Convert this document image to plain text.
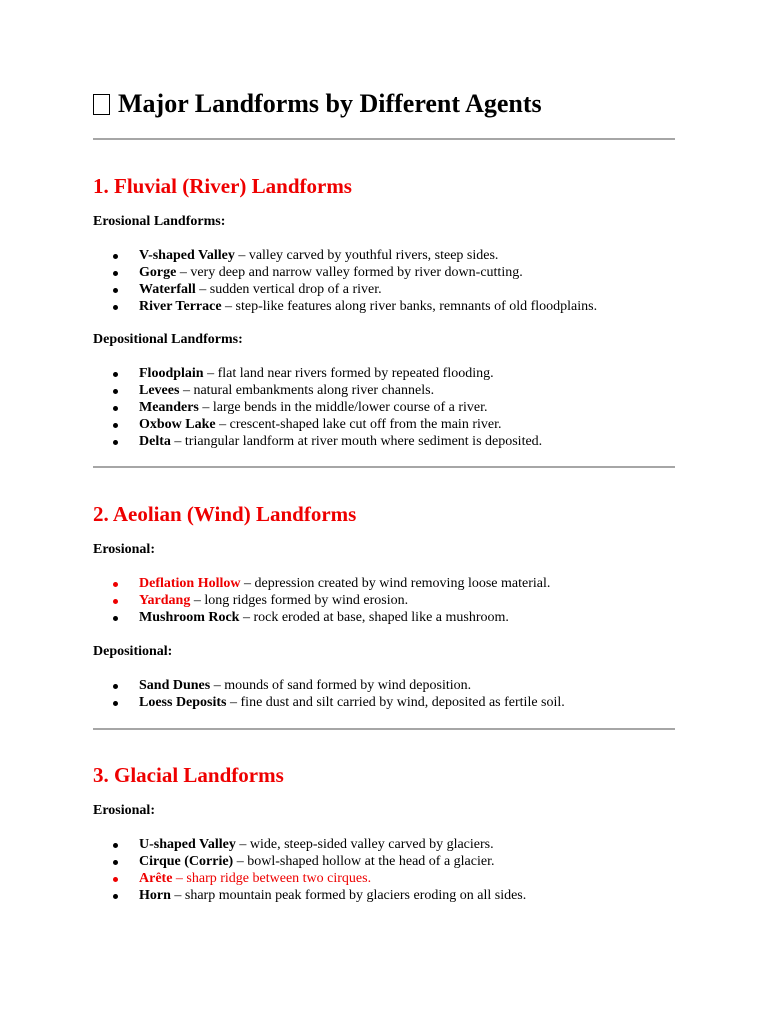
Major Landforms by Different Agents
1. Fluvial (River) Landforms
Erosional Landforms:
V-shaped Valley – valley carved by youthful rivers, steep sides.
Gorge – very deep and narrow valley formed by river down-cutting.
Waterfall – sudden vertical drop of a river.
River Terrace – step-like features along river banks, remnants of old floodplains.
Depositional Landforms:
Floodplain – flat land near rivers formed by repeated flooding.
Levees – natural embankments along river channels.
Meanders – large bends in the middle/lower course of a river.
Oxbow Lake – crescent-shaped lake cut off from the main river.
Delta – triangular landform at river mouth where sediment is deposited.
2. Aeolian (Wind) Landforms
Erosional:
Deflation Hollow – depression created by wind removing loose material.
Yardang – long ridges formed by wind erosion.
Mushroom Rock – rock eroded at base, shaped like a mushroom.
Depositional:
Sand Dunes – mounds of sand formed by wind deposition.
Loess Deposits – fine dust and silt carried by wind, deposited as fertile soil.
3. Glacial Landforms
Erosional:
U-shaped Valley – wide, steep-sided valley carved by glaciers.
Cirque (Corrie) – bowl-shaped hollow at the head of a glacier.
Arête – sharp ridge between two cirques.
Horn – sharp mountain peak formed by glaciers eroding on all sides.
